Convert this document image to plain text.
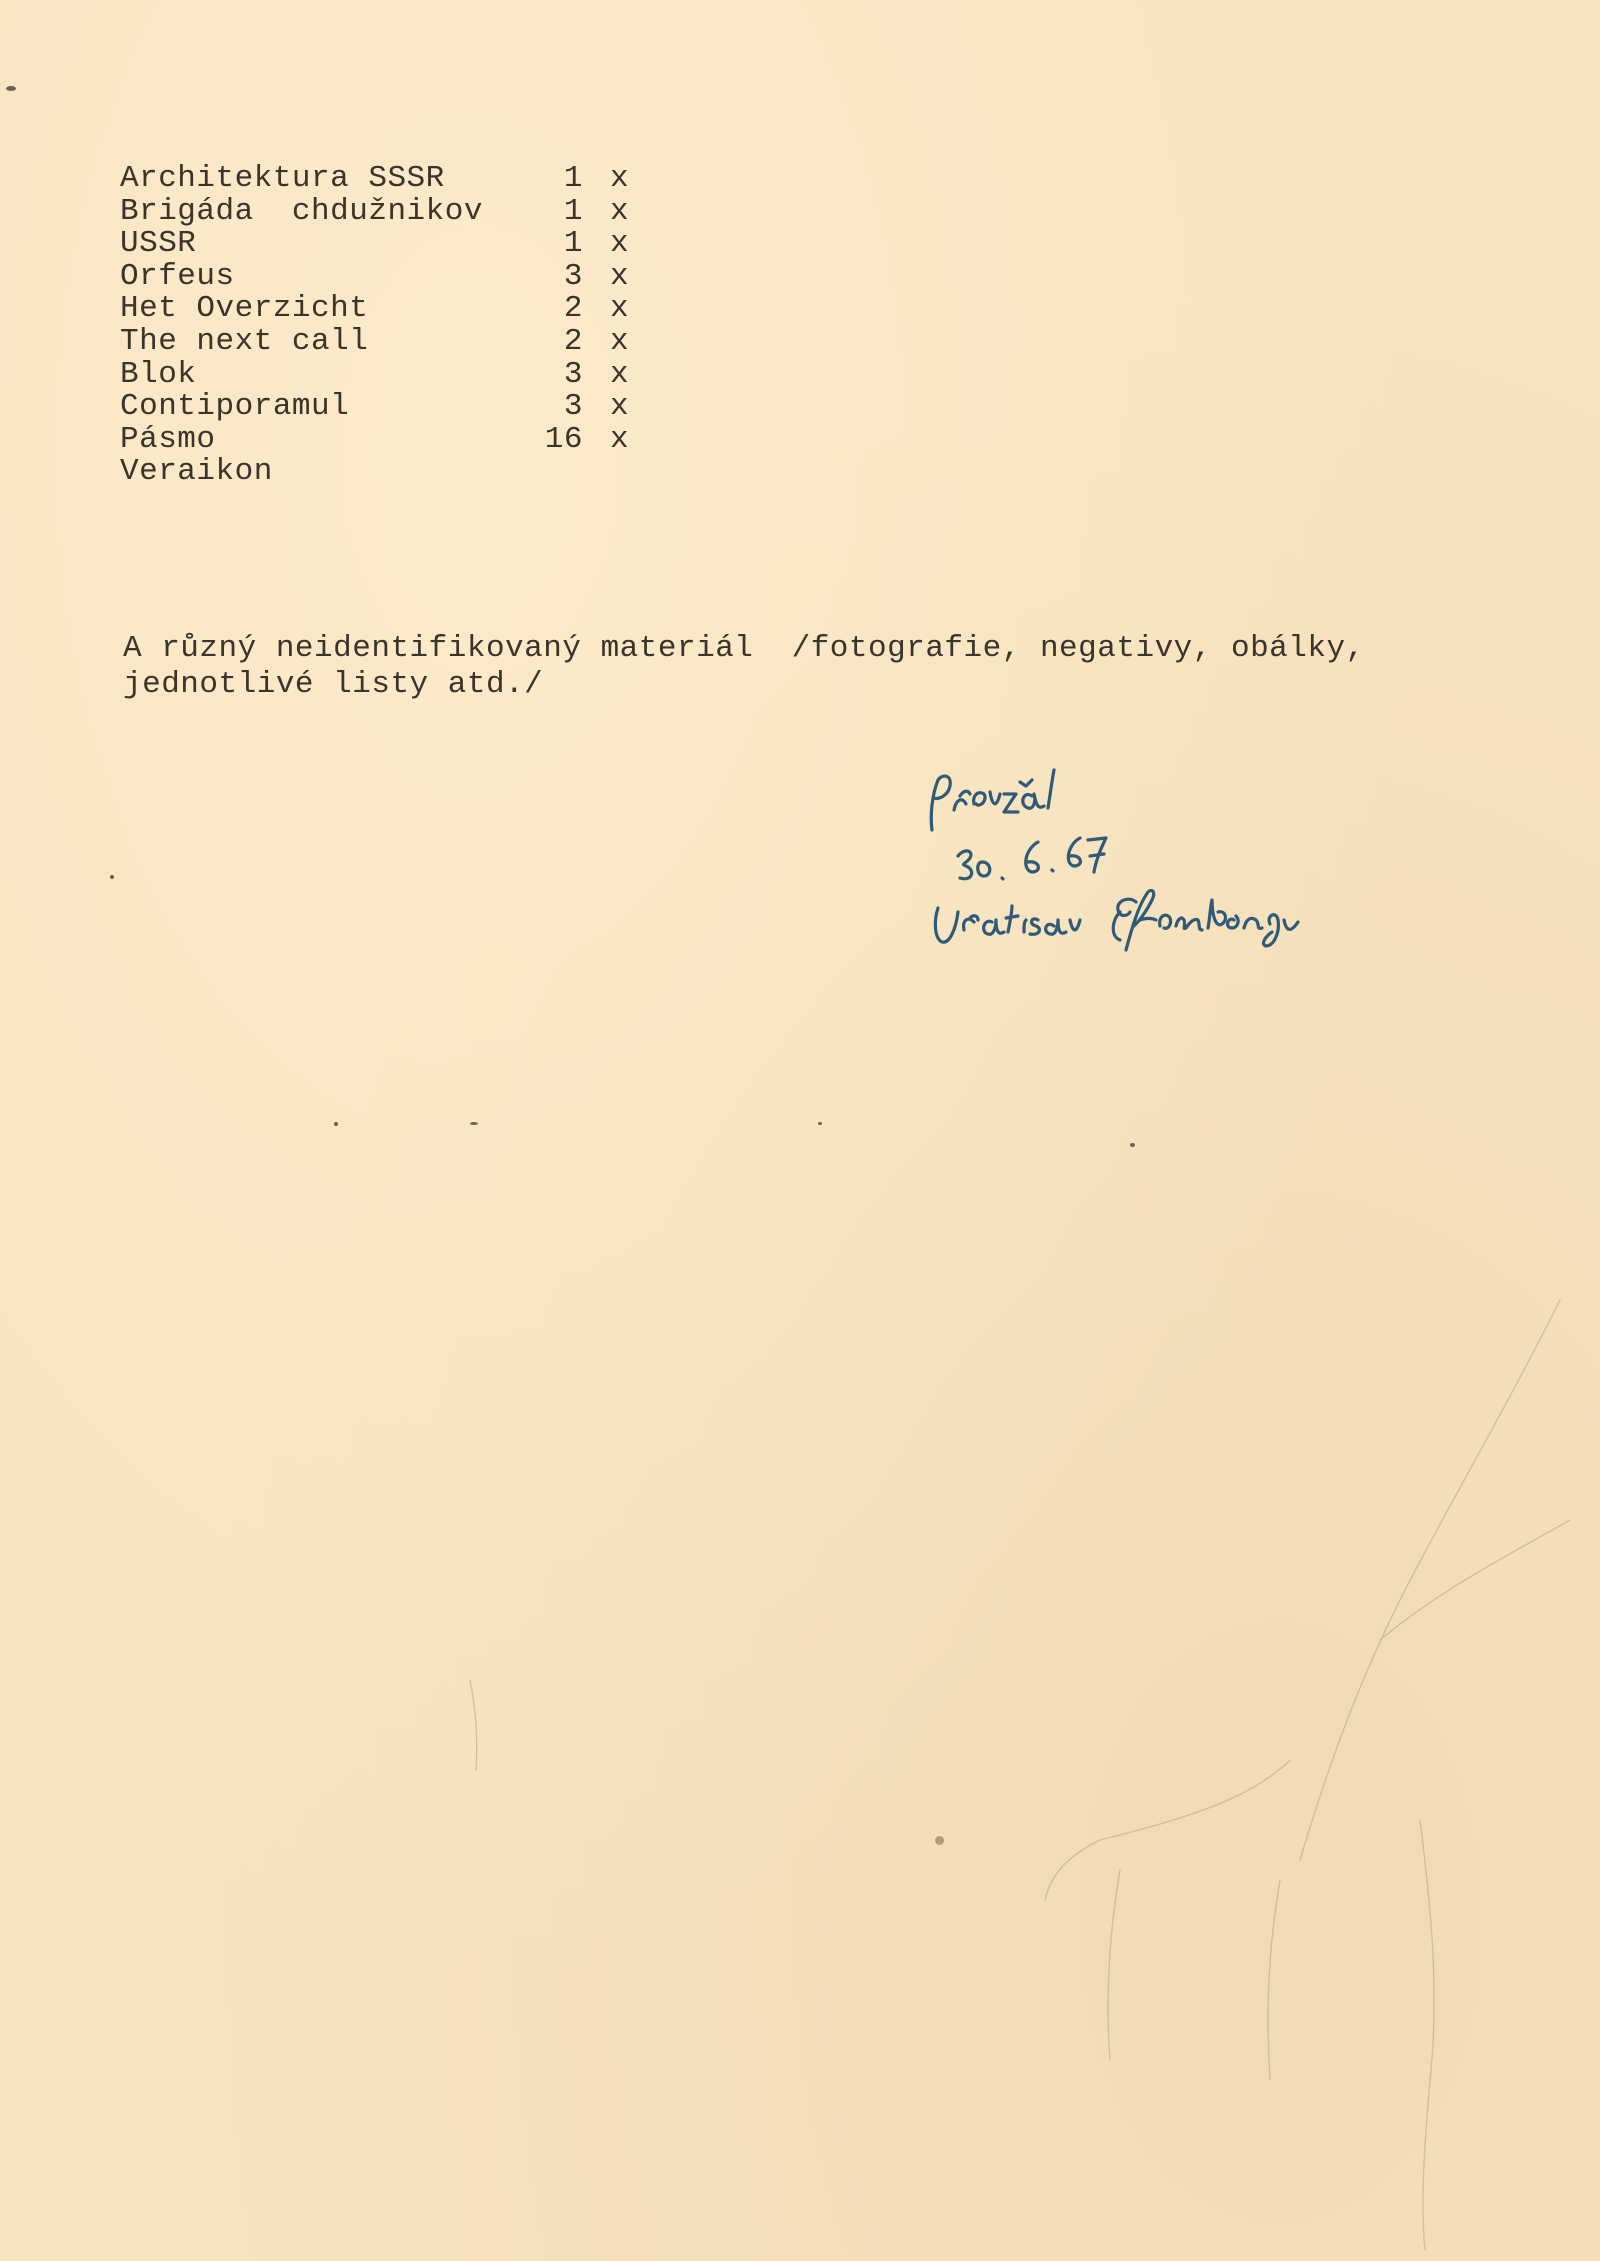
Architektura SSSR	1 x
Brigáda  chdužnikov	1 x
USSR	1 x
Orfeus	3 x
Het Overzicht	2 x
The next call	2 x
Blok	3 x
Contiporamul	3 x
Pásmo	16 x
Veraikon
A různý neidentifikovaný materiál  /fotografie, negativy, obálky,
jednotlivé listy atd./
